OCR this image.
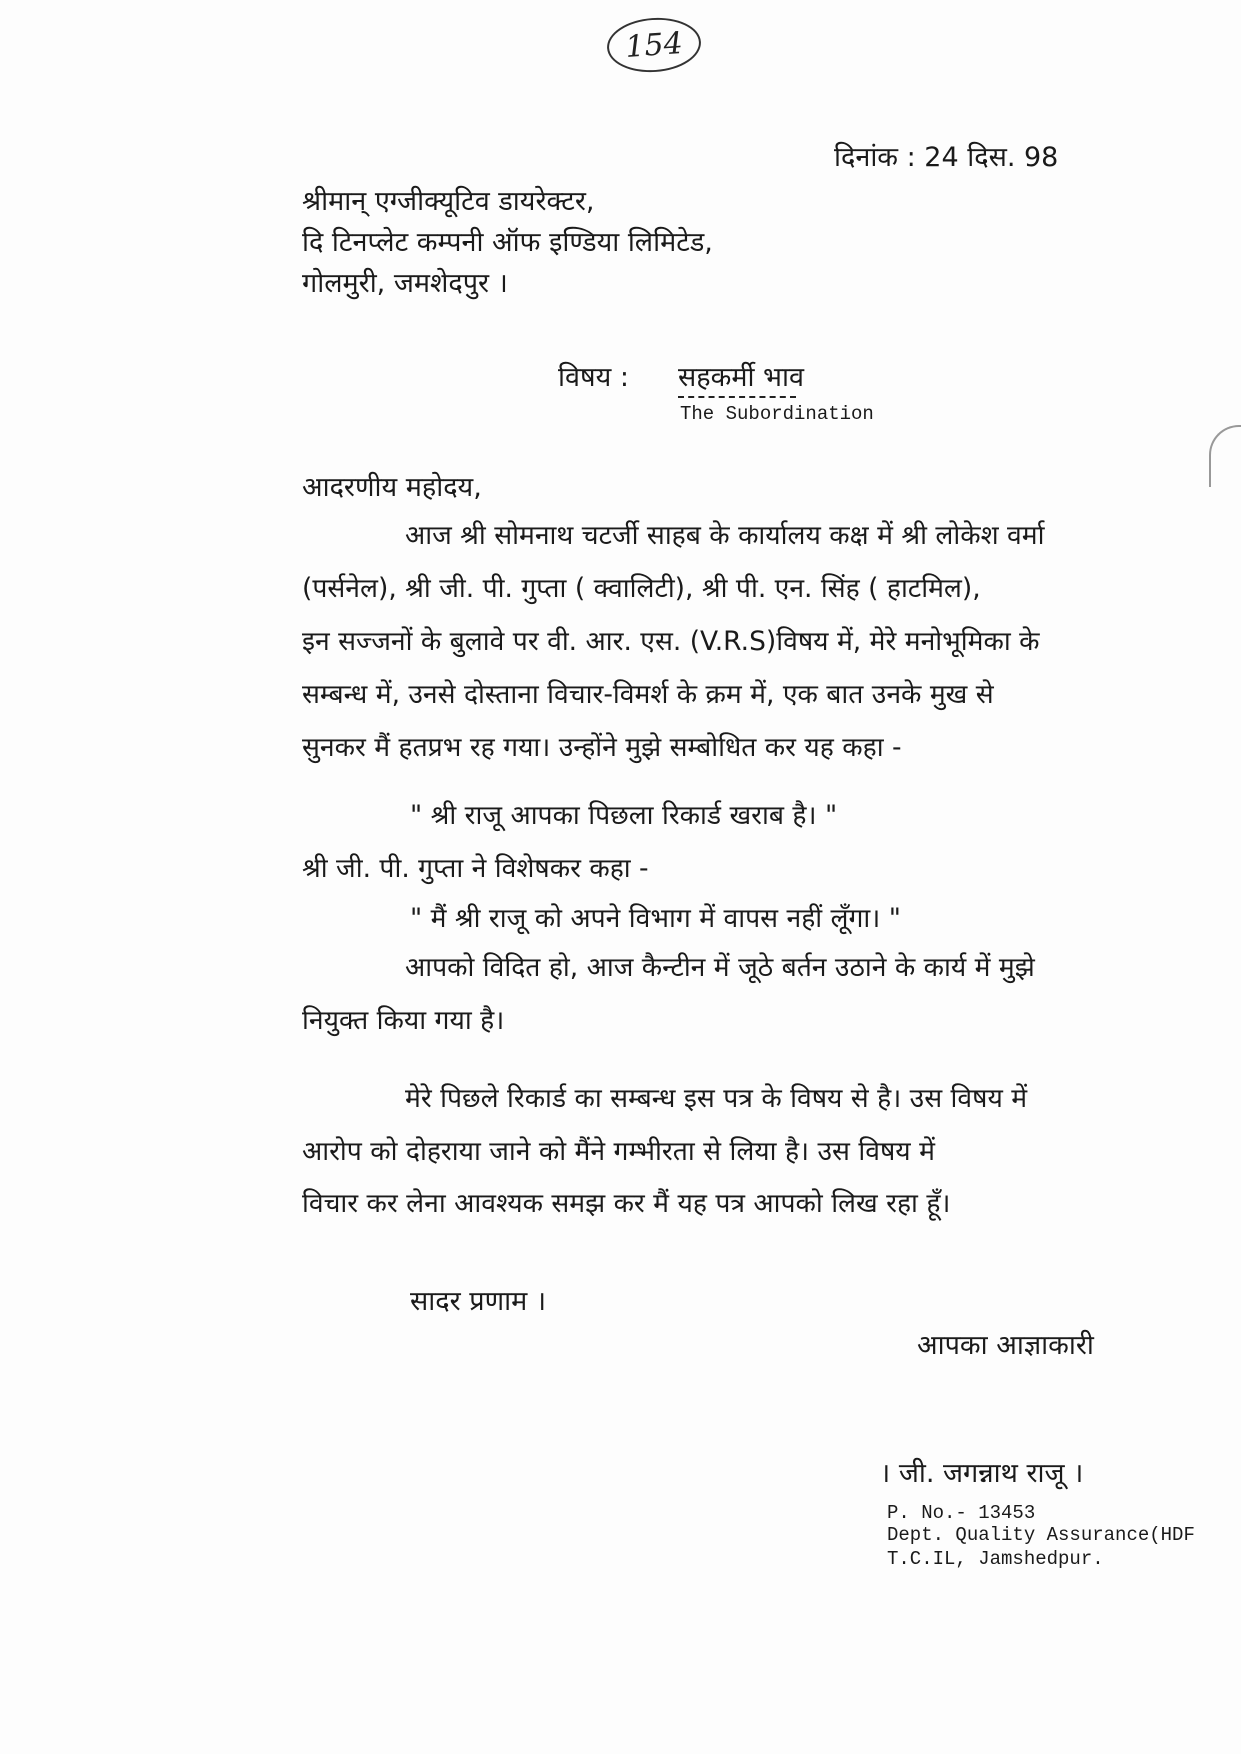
154
दिनांक : 24 दिस. 98
श्रीमान् एग्जीक्यूटिव डायरेक्टर,
दि टिनप्लेट कम्पनी ऑफ इण्डिया लिमिटेड,
गोलमुरी, जमशेदपुर ।
विषय : सहकर्मी भाव
The Subordination
आदरणीय महोदय,
आज श्री सोमनाथ चटर्जी साहब के कार्यालय कक्ष में श्री लोकेश वर्मा
(पर्सनेल), श्री जी. पी. गुप्ता ( क्वालिटी), श्री पी. एन. सिंह ( हाटमिल),
इन सज्जनों के बुलावे पर वी. आर. एस. (V.R.S)विषय में, मेरे मनोभूमिका के
सम्बन्ध में, उनसे दोस्ताना विचार-विमर्श के क्रम में, एक बात उनके मुख से
सुनकर मैं हतप्रभ रह गया। उन्होंने मुझे सम्बोधित कर यह कहा -
" श्री राजू आपका पिछला रिकार्ड खराब है। "
श्री जी. पी. गुप्ता ने विशेषकर कहा -
" मैं श्री राजू को अपने विभाग में वापस नहीं लूँगा। "
आपको विदित हो, आज कैन्टीन में जूठे बर्तन उठाने के कार्य में मुझे
नियुक्त किया गया है।
मेरे पिछले रिकार्ड का सम्बन्ध इस पत्र के विषय से है। उस विषय में
आरोप को दोहराया जाने को मैंने गम्भीरता से लिया है। उस विषय में
विचार कर लेना आवश्यक समझ कर मैं यह पत्र आपको लिख रहा हूँ।
सादर प्रणाम ।
आपका आज्ञाकारी
। जी. जगन्नाथ राजू ।
P. No.- 13453
Dept. Quality Assurance(HDF
T.C.IL, Jamshedpur.
